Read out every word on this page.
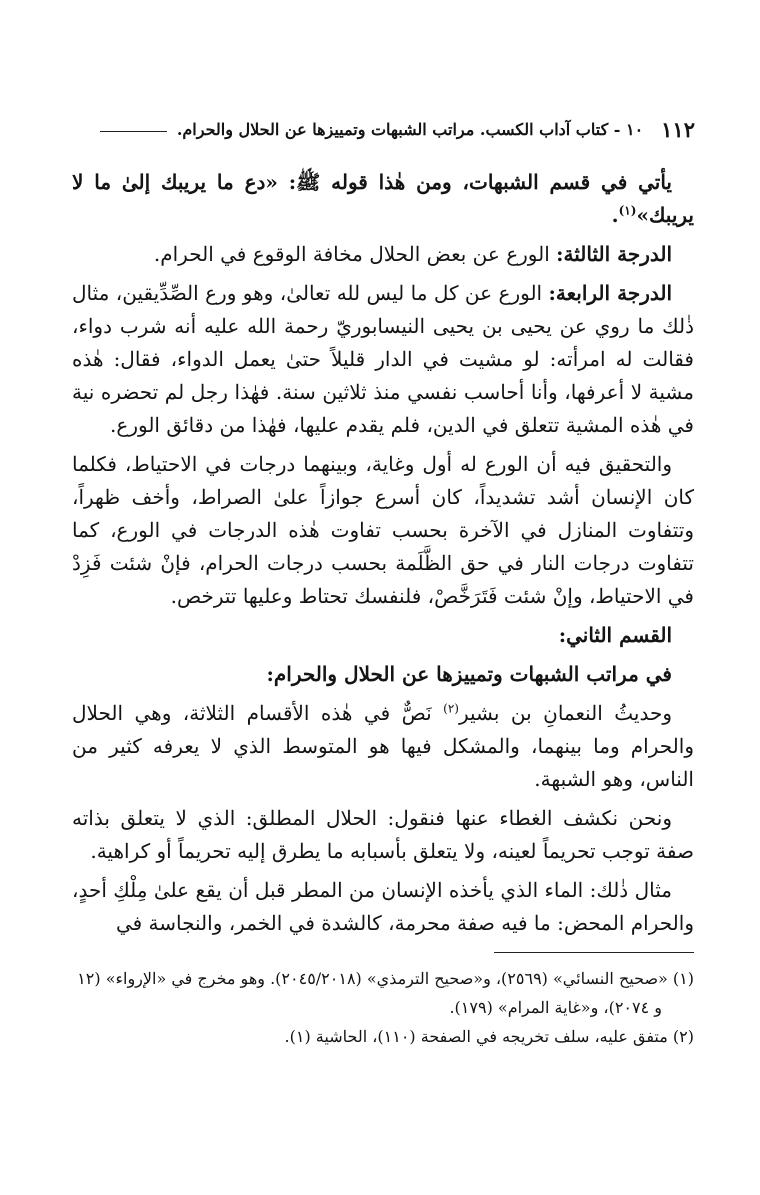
١١٢
١٠ - كتاب آداب الكسب. مراتب الشبهات وتمييزها عن الحلال والحرام.

يأتي في قسم الشبهات، ومن هٰذا قوله ﷺ: «دع ما يريبك إلىٰ ما لا يريبك»$^{(١)}$.

الدرجة الثالثة: الورع عن بعض الحلال مخافة الوقوع في الحرام.

الدرجة الرابعة: الورع عن كل ما ليس لله تعالىٰ، وهو ورع الصِّدِّيقين، مثال ذٰلك ما روي عن يحيى بن يحيى النيسابوريّ رحمة الله عليه أنه شرب دواء، فقالت له امرأته: لو مشيت في الدار قليلاً حتىٰ يعمل الدواء، فقال: هٰذه مشية لا أعرفها، وأنا أحاسب نفسي منذ ثلاثين سنة. فهٰذا رجل لم تحضره نية في هٰذه المشية تتعلق في الدين، فلم يقدم عليها، فهٰذا من دقائق الورع.

والتحقيق فيه أن الورع له أول وغاية، وبينهما درجات في الاحتياط، فكلما كان الإنسان أشد تشديداً، كان أسرع جوازاً علىٰ الصراط، وأخف ظهراً، وتتفاوت المنازل في الآخرة بحسب تفاوت هٰذه الدرجات في الورع، كما تتفاوت درجات النار في حق الظَّلَمة بحسب درجات الحرام، فإنْ شئت فَزِدْ في الاحتياط، وإنْ شئت فَتَرَخَّصْ، فلنفسك تحتاط وعليها تترخص.

القسم الثاني:

في مراتب الشبهات وتمييزها عن الحلال والحرام:

وحديثُ النعمانِ بن بشير$^{(٢)}$ نَصٌّ في هٰذه الأقسام الثلاثة، وهي الحلال والحرام وما بينهما، والمشكل فيها هو المتوسط الذي لا يعرفه كثير من الناس، وهو الشبهة.

ونحن نكشف الغطاء عنها فنقول: الحلال المطلق: الذي لا يتعلق بذاته صفة توجب تحريماً لعينه، ولا يتعلق بأسبابه ما يطرق إليه تحريماً أو كراهية.

مثال ذٰلك: الماء الذي يأخذه الإنسان من المطر قبل أن يقع علىٰ مِلْكِ أحدٍ، والحرام المحض: ما فيه صفة محرمة، كالشدة في الخمر، والنجاسة في

(١) «صحيح النسائي» (٢٥٦٩)، و«صحيح الترمذي» (٢٠٤٥/٢٠١٨). وهو مخرج في «الإرواء» (١٢ و ٢٠٧٤)، و«غاية المرام» (١٧٩).

(٢) متفق عليه، سلف تخريجه في الصفحة (١١٠)، الحاشية (١).
